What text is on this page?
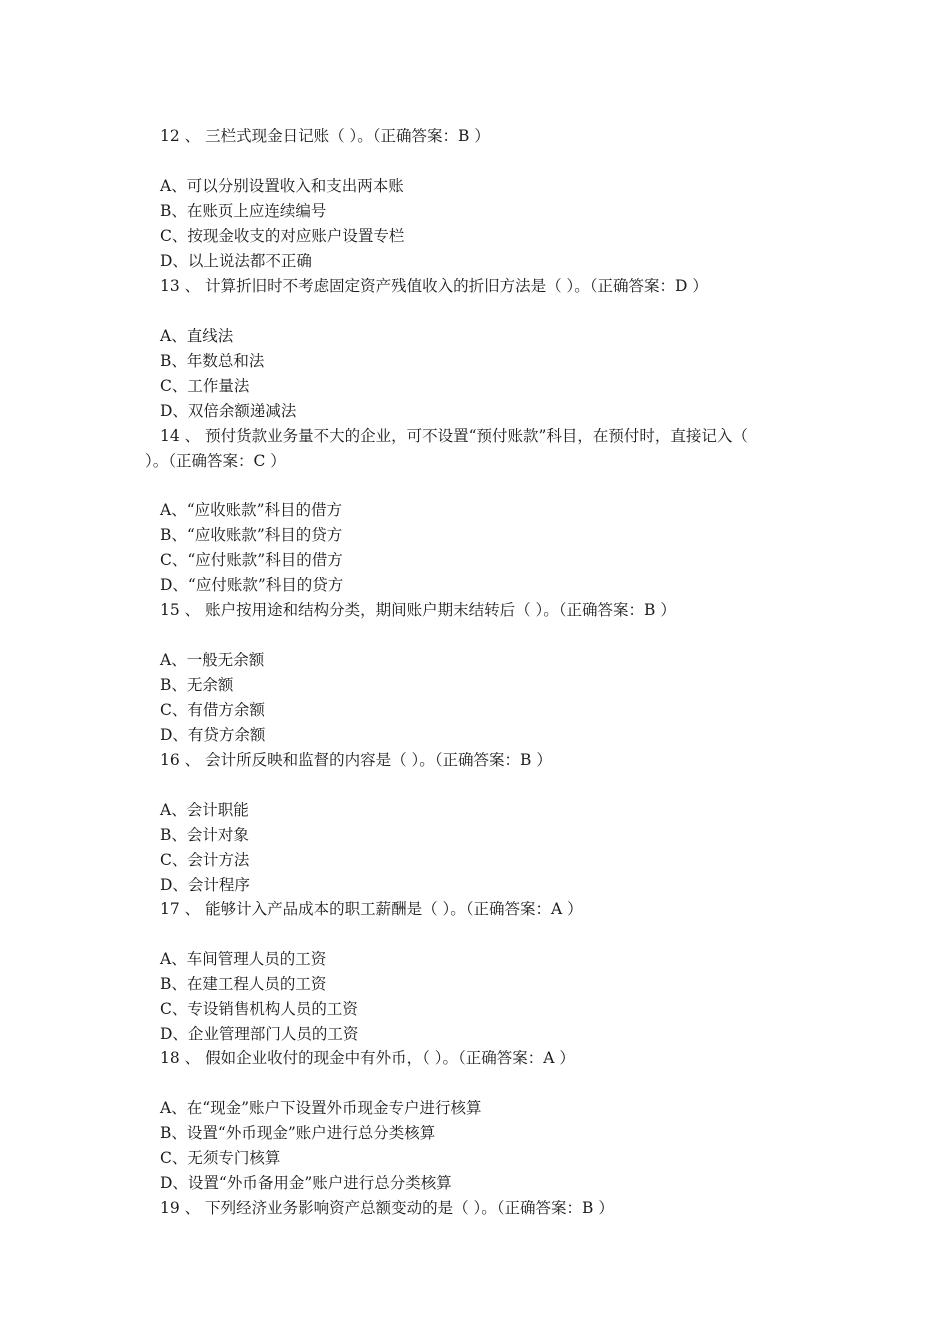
12 、 三栏式现金日记账（ ）。（正确答案：B ）
A、可以分别设置收入和支出两本账
B、在账页上应连续编号
C、按现金收支的对应账户设置专栏
D、以上说法都不正确
13 、 计算折旧时不考虑固定资产残值收入的折旧方法是（ ）。（正确答案：D ）
A、直线法
B、年数总和法
C、工作量法
D、双倍余额递减法
14 、 预付货款业务量不大的企业，可不设置“预付账款”科目，在预付时，直接记入（
）。（正确答案：C ）
A、“应收账款”科目的借方
B、“应收账款”科目的贷方
C、“应付账款”科目的借方
D、“应付账款”科目的贷方
15 、 账户按用途和结构分类，期间账户期末结转后（ ）。（正确答案：B ）
A、一般无余额
B、无余额
C、有借方余额
D、有贷方余额
16 、 会计所反映和监督的内容是（ ）。（正确答案：B ）
A、会计职能
B、会计对象
C、会计方法
D、会计程序
17 、 能够计入产品成本的职工薪酬是（ ）。（正确答案：A ）
A、车间管理人员的工资
B、在建工程人员的工资
C、专设销售机构人员的工资
D、企业管理部门人员的工资
18 、 假如企业收付的现金中有外币，（ ）。（正确答案：A ）
A、在“现金”账户下设置外币现金专户进行核算
B、设置“外币现金”账户进行总分类核算
C、无须专门核算
D、设置“外币备用金”账户进行总分类核算
19 、 下列经济业务影响资产总额变动的是（ ）。（正确答案：B ）
